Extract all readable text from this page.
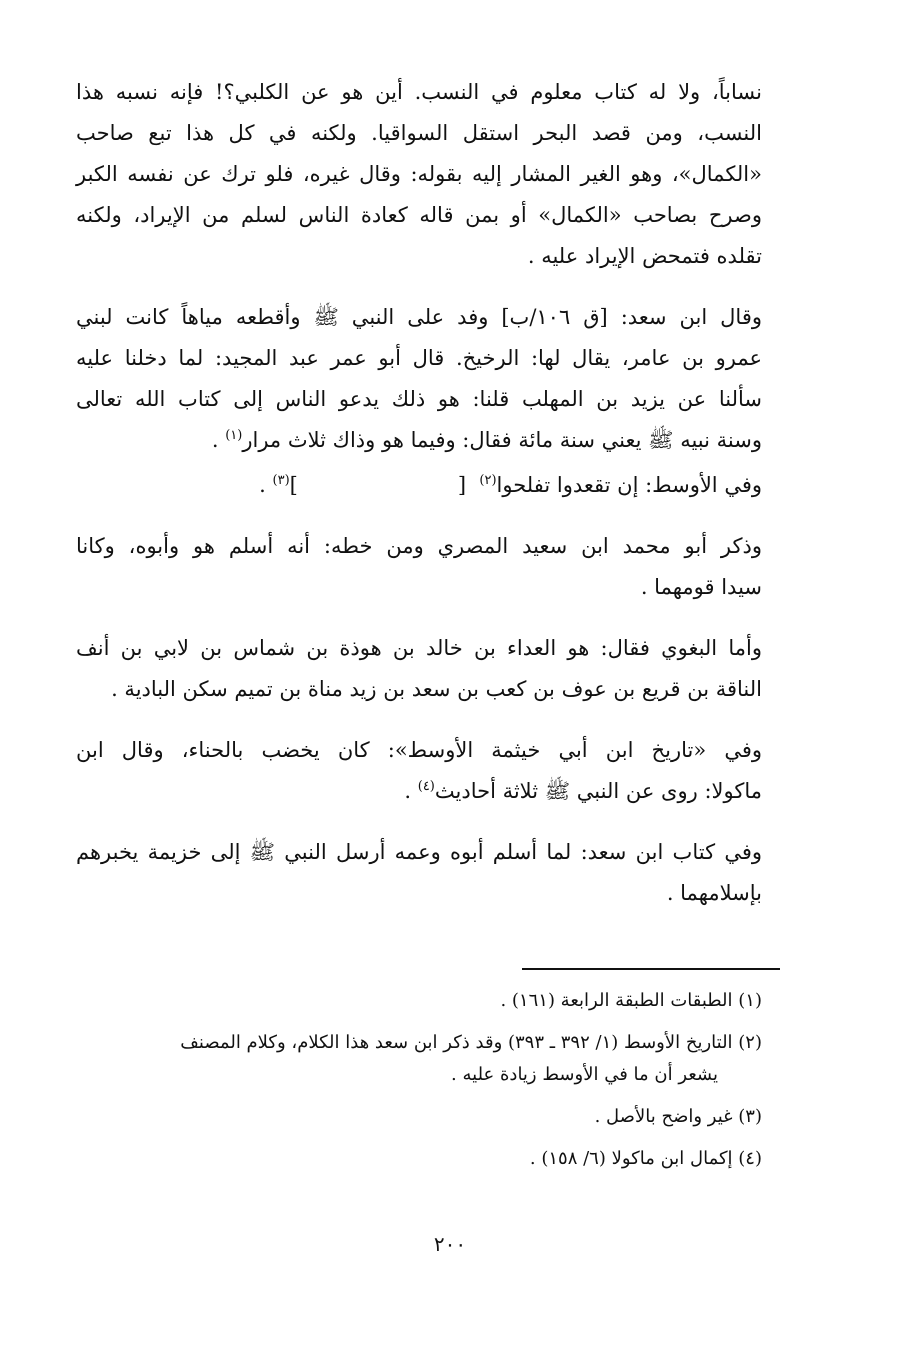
نساباً، ولا له كتاب معلوم في النسب. أين هو عن الكلبي؟! فإنه نسبه هذا
النسب، ومن قصد البحر استقل السواقيا. ولكنه في كل هذا تبع صاحب
«الكمال»، وهو الغير المشار إليه بقوله: وقال غيره، فلو ترك عن نفسه الكبر
وصرح بصاحب «الكمال» أو بمن قاله كعادة الناس لسلم من الإيراد، ولكنه
تقلده فتمحض الإيراد عليه .

وقال ابن سعد: [ق ١٠٦/ب] وفد على النبي ﷺ وأقطعه مياهاً كانت لبني
عمرو بن عامر، يقال لها: الرخيخ. قال أبو عمر عبد المجيد: لما دخلنا عليه
سألنا عن يزيد بن المهلب قلنا: هو ذلك يدعو الناس إلى كتاب الله تعالى
وسنة نبيه ﷺ يعني سنة مائة فقال: وفيما هو وذاك ثلاث مرار$^{(١)}$ .

وفي الأوسط: إن تقعدوا تفلحوا$^{(٢)}$  []$^{(٣)}$ .

وذكر أبو محمد ابن سعيد المصري ومن خطه: أنه أسلم هو وأبوه، وكانا
سيدا قومهما .

وأما البغوي فقال: هو العداء بن خالد بن هوذة بن شماس بن لابي بن أنف
الناقة بن قريع بن عوف بن كعب بن سعد بن زيد مناة بن تميم سكن البادية .

وفي «تاريخ ابن أبي خيثمة الأوسط»: كان يخضب بالحناء، وقال ابن
ماكولا: روى عن النبي ﷺ ثلاثة أحاديث$^{(٤)}$ .

وفي كتاب ابن سعد: لما أسلم أبوه وعمه أرسل النبي ﷺ إلى خزيمة يخبرهم
بإسلامهما .

(١) الطبقات الطبقة الرابعة (١٦١) .
(٢) التاريخ الأوسط (١/ ٣٩٢ ـ ٣٩٣) وقد ذكر ابن سعد هذا الكلام، وكلام المصنف
يشعر أن ما في الأوسط زيادة عليه .
(٣) غير واضح بالأصل .
(٤) إكمال ابن ماكولا (٦/ ١٥٨) .
٢٠٠
